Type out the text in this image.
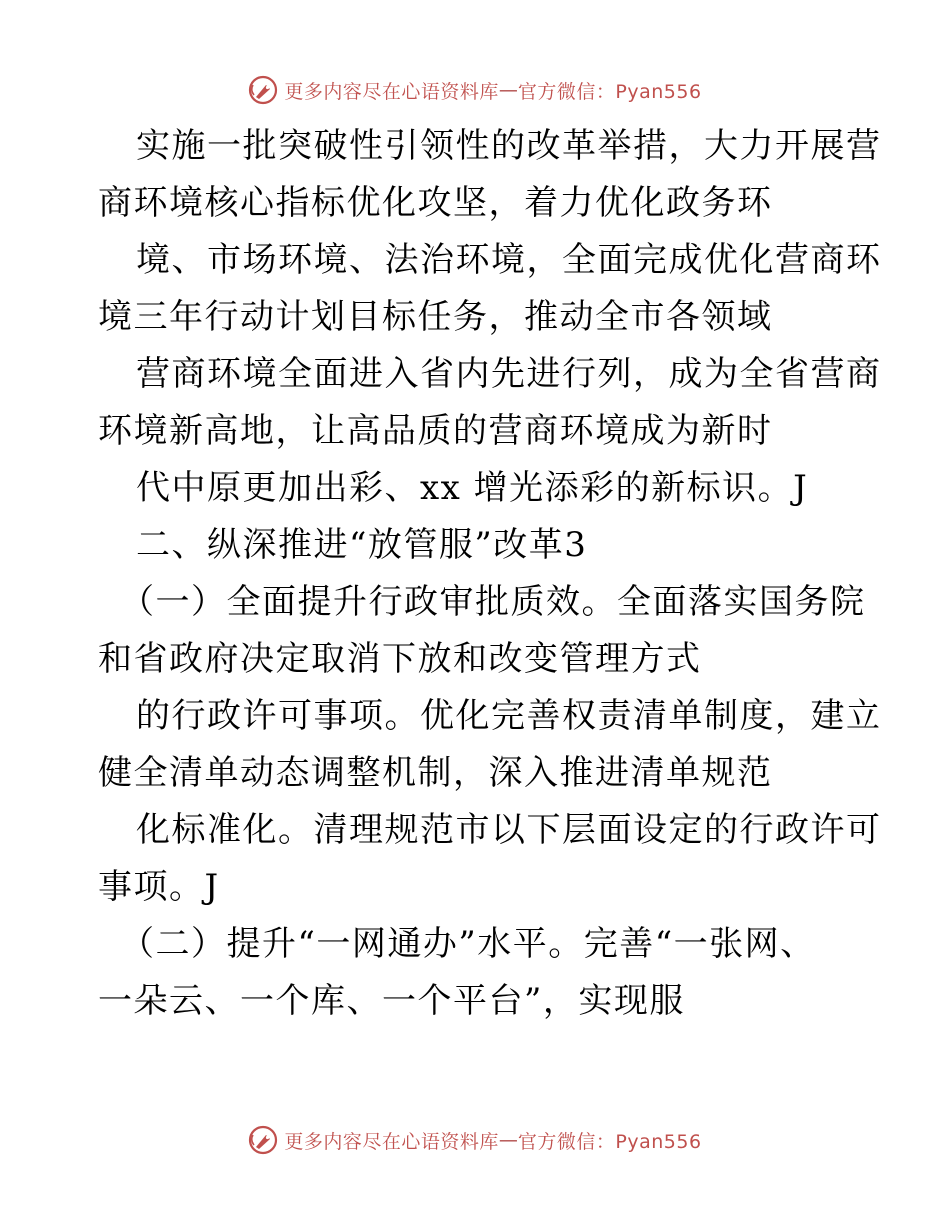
更多内容尽在心语资料库 — 官方微信：Pyan556
实施一批突破性引领性的改革举措，大力开展营
商环境核心指标优化攻坚，着力优化政务环
境、市场环境、法治环境，全面完成优化营商环
境三年行动计划目标任务，推动全市各领域
营商环境全面进入省内先进行列，成为全省营商
环境新高地，让高品质的营商环境成为新时
代中原更加出彩、xx 增光添彩的新标识。J
二、纵深推进“放管服”改革3
（一）全面提升行政审批质效。全面落实国务院
和省政府决定取消下放和改变管理方式
的行政许可事项。优化完善权责清单制度，建立
健全清单动态调整机制，深入推进清单规范
化标准化。清理规范市以下层面设定的行政许可
事项。J
（二）提升“一网通办”水平。完善“一张网、
一朵云、一个库、一个平台”，实现服
更多内容尽在心语资料库 — 官方微信：Pyan556
